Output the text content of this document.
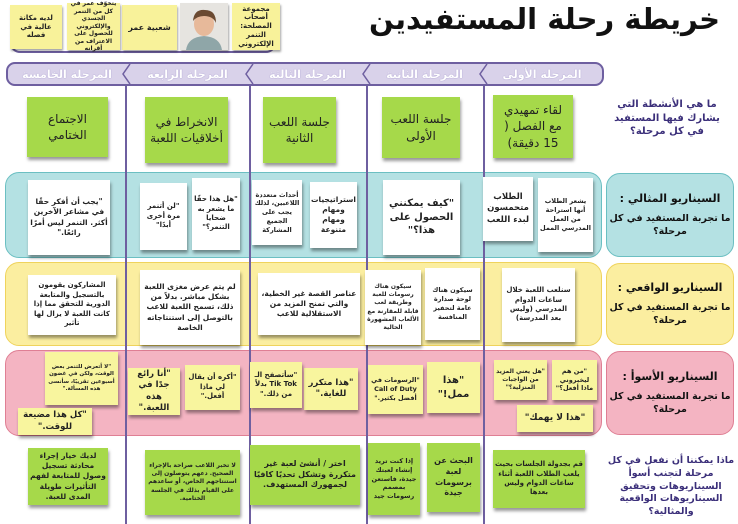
خريطة رحلة المستفيدين
مجموعة أصحاب المصلحة: التنمر الإلكتروني
شعبية عمر
يتخوّف عمر في كل من التنمر الجسدي والإلكتروني للحصول على الاعتراف من أقرانه
لديه مكانة عالية في فصله
المرحلة الأولى
المرحلة الثانية
المرحلة الثالثة
المرحلة الرابعة
المرحلة الخامسة
ما هي الأنشطة التي يشارك فيها المستفيد في كل مرحلة؟
لقاء تمهيدي مع الفصل ( 15 دقيقة)
جلسة اللعب الأولى
جلسة اللعب الثانية
الانخراط في أخلاقيات اللعبة
الاجتماع الختامي
السيناريو المثالي :
ما تجربة المستفيد في كل مرحلة؟
يشعر الطلاب أنها استراحة من العمل المدرسي الممل
الطلاب متحمسون لبدء اللعب
"كيف يمكنني الحصول على هذا؟"
استراتيجيات ومهام ومهام متنوعة
أحداث متعددة اللاعبين، لذلك يجب على الجميع المشاركة
"هل هذا حقًا ما يشعر به ضحايا التنمر؟"
"لن أتنمر مرة أخرى أبدًا"
"يجب أن أفكر حقًا في مشاعر الآخرين أكثر. التنمر ليس أمرًا رائعًا."
السيناريو الواقعي :
ما تجربة المستفيد في كل مرحلة؟
سنلعب اللعبة خلال ساعات الدوام المدرسي (وليس بعد المدرسة)
سيكون هناك لوحة صدارة عامة لتحفيز المنافسة
سيكون هناك رسومات للعبة وطريقة لعب قابلة للمقارنة مع الألعاب المشهورة الحالية
عناصر القصة غير الخطية، والتي تمنح المزيد من الاستقلالية للاعب
لم يتم عرض مغزى اللعبة بشكل مباشر. بدلاً من ذلك، تسمح اللعبة للاعب بالتوصل إلى استنتاجاته الخاصة
المشاركون يقومون بالتسجيل والمتابعة الدورية للتحقق مما إذا كانت اللعبة لا يزال لها تأثير
السيناريو الأسوأ :
ما تجربة المستفيد في كل مرحلة؟
"من هم ليخبروني ماذا أفعل؟"
"هل يعني المزيد من الواجبات المنزلية؟"
"هذا لا يهمك"
"هذا ممل!"
"الرسومات في Call of Duty أفضل بكثير."
"هذا متكرر للغاية."
"سأتصفح الـ Tik Tok بدلاً من ذلك."
"أكره أن يقال لي ماذا أفعل."
"أنا رائع جدًا في هذه اللعبة."
"لا أتعرض للتنمر بعض الوقت، ولكن في غضون أسبوعين تقريبًا، سأنسى هذه المسألة."
"كل هذا مضيعة للوقت."
ماذا يمكننا أن نفعل في كل مرحلة لتجنب أسوأ السيناريوهات وتحقيق السيناريوهات الواقعية والمثالية؟
قم بجدولة الجلسات بحيث يلعب الطلاب اللعبة أثناء ساعات الدوام وليس بعدها
البحث عن لعبة برسومات جيدة
إذا كنت تريد إنشاء لعبتك جيدة، فاستعن بمصمم رسومات جيد
اختر / أنشئ لعبة غير متكررة وتشكل تحديًا كافيًا لجمهورك المستهدف.
لا تخبر اللاعب صراحة بالإجراء الصحيح. دعهم يتوصلون إلى استنتاجهم الخاص، أو ساعدهم على القيام بذلك في الجلسة الختامية.
لديك خيار إجراء محادثة تسجيل وصول للمتابعة لفهم التأثيرات طويلة المدى للعبة.
